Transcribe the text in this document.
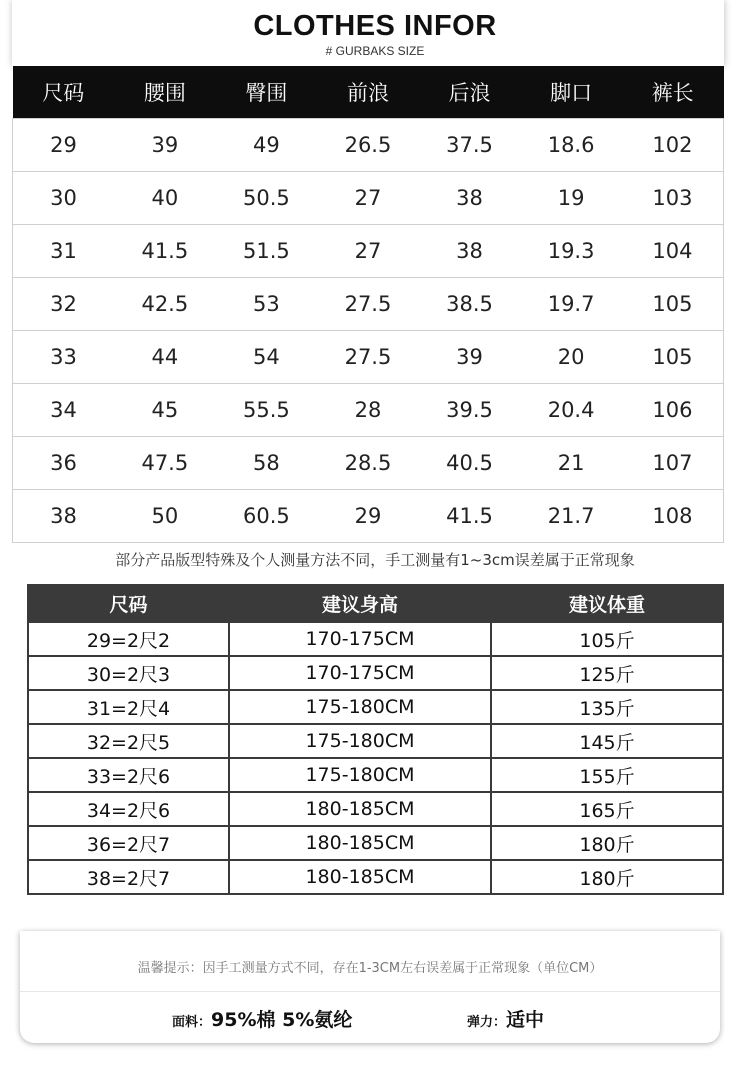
CLOTHES INFOR
# GURBAKS SIZE
尺码	腰围	臀围	前浪	后浪	脚口	裤长
29	39	49	26.5	37.5	18.6	102
30	40	50.5	27	38	19	103
31	41.5	51.5	27	38	19.3	104
32	42.5	53	27.5	38.5	19.7	105
33	44	54	27.5	39	20	105
34	45	55.5	28	39.5	20.4	106
36	47.5	58	28.5	40.5	21	107
38	50	60.5	29	41.5	21.7	108
部分产品版型特殊及个人测量方法不同，手工测量有1~3cm误差属于正常现象
尺码	建议身高	建议体重
29=2尺2	170-175CM	105斤
30=2尺3	170-175CM	125斤
31=2尺4	175-180CM	135斤
32=2尺5	175-180CM	145斤
33=2尺6	175-180CM	155斤
34=2尺6	180-185CM	165斤
36=2尺7	180-185CM	180斤
38=2尺7	180-185CM	180斤
温馨提示：因手工测量方式不同，存在1-3CM左右误差属于正常现象（单位CM）
面料：95%棉 5%氨纶	弹力：适中
